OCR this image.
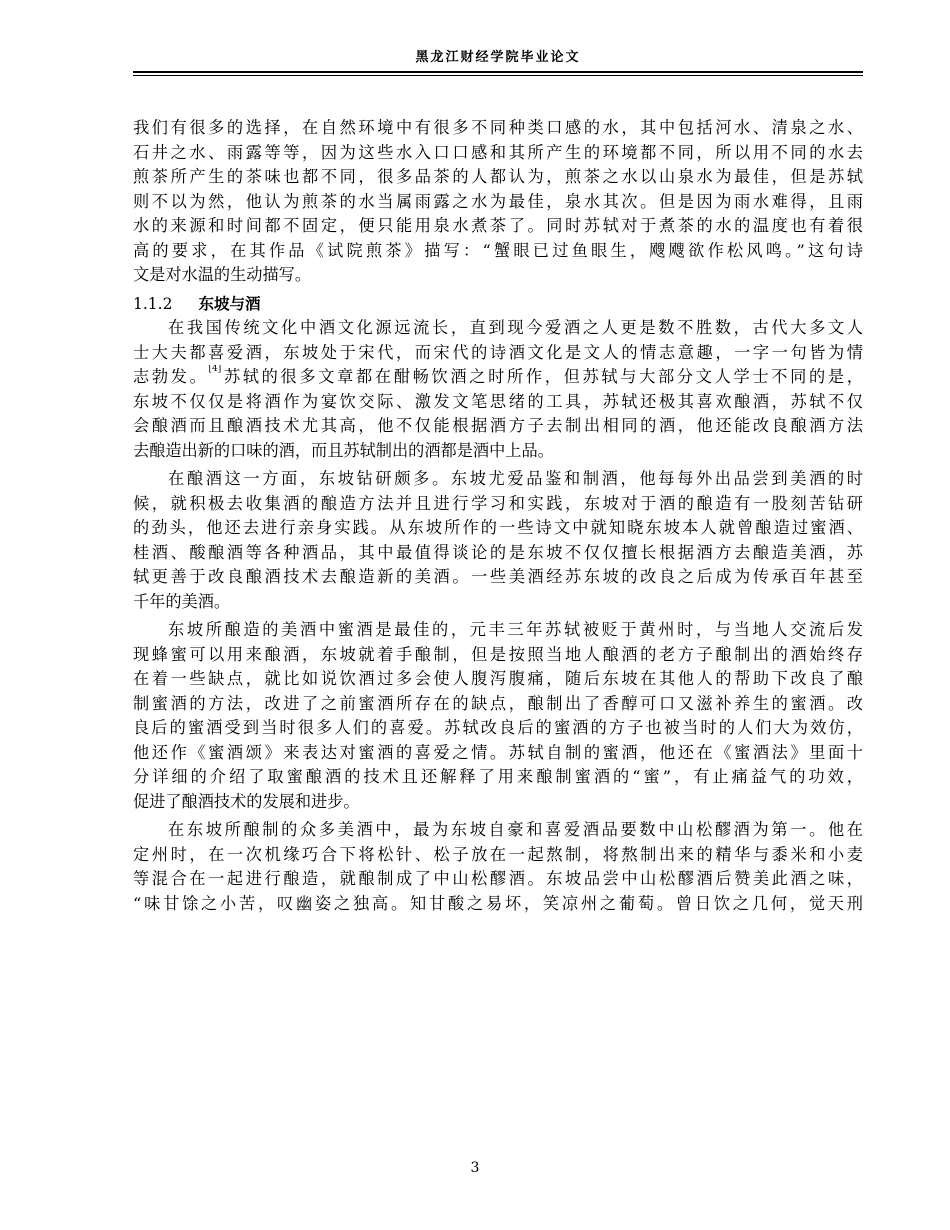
黑龙江财经学院毕业论文
我们有很多的选择，在自然环境中有很多不同种类口感的水，其中包括河水、清泉之水、
石井之水、雨露等等，因为这些水入口口感和其所产生的环境都不同，所以用不同的水去
煎茶所产生的茶味也都不同，很多品茶的人都认为，煎茶之水以山泉水为最佳，但是苏轼
则不以为然，他认为煎茶的水当属雨露之水为最佳，泉水其次。但是因为雨水难得，且雨
水的来源和时间都不固定，便只能用泉水煮茶了。同时苏轼对于煮茶的水的温度也有着很
高的要求，在其作品《试院煎茶》描写：“蟹眼已过鱼眼生，飕飕欲作松风鸣。”这句诗
文是对水温的生动描写。
1.1.2 东坡与酒
在我国传统文化中酒文化源远流长，直到现今爱酒之人更是数不胜数，古代大多文人
士大夫都喜爱酒，东坡处于宋代，而宋代的诗酒文化是文人的情志意趣，一字一句皆为情
志勃发。[4]苏轼的很多文章都在酣畅饮酒之时所作，但苏轼与大部分文人学士不同的是，
东坡不仅仅是将酒作为宴饮交际、激发文笔思绪的工具，苏轼还极其喜欢酿酒，苏轼不仅
会酿酒而且酿酒技术尤其高，他不仅能根据酒方子去制出相同的酒，他还能改良酿酒方法
去酿造出新的口味的酒，而且苏轼制出的酒都是酒中上品。
在酿酒这一方面，东坡钻研颇多。东坡尤爱品鉴和制酒，他每每外出品尝到美酒的时
候，就积极去收集酒的酿造方法并且进行学习和实践，东坡对于酒的酿造有一股刻苦钻研
的劲头，他还去进行亲身实践。从东坡所作的一些诗文中就知晓东坡本人就曾酿造过蜜酒、
桂酒、酸酿酒等各种酒品，其中最值得谈论的是东坡不仅仅擅长根据酒方去酿造美酒，苏
轼更善于改良酿酒技术去酿造新的美酒。一些美酒经苏东坡的改良之后成为传承百年甚至
千年的美酒。
东坡所酿造的美酒中蜜酒是最佳的，元丰三年苏轼被贬于黄州时，与当地人交流后发
现蜂蜜可以用来酿酒，东坡就着手酿制，但是按照当地人酿酒的老方子酿制出的酒始终存
在着一些缺点，就比如说饮酒过多会使人腹泻腹痛，随后东坡在其他人的帮助下改良了酿
制蜜酒的方法，改进了之前蜜酒所存在的缺点，酿制出了香醇可口又滋补养生的蜜酒。改
良后的蜜酒受到当时很多人们的喜爱。苏轼改良后的蜜酒的方子也被当时的人们大为效仿，
他还作《蜜酒颂》来表达对蜜酒的喜爱之情。苏轼自制的蜜酒，他还在《蜜酒法》里面十
分详细的介绍了取蜜酿酒的技术且还解释了用来酿制蜜酒的“蜜”，有止痛益气的功效，
促进了酿酒技术的发展和进步。
在东坡所酿制的众多美酒中，最为东坡自豪和喜爱酒品要数中山松醪酒为第一。他在
定州时，在一次机缘巧合下将松针、松子放在一起熬制，将熬制出来的精华与黍米和小麦
等混合在一起进行酿造，就酿制成了中山松醪酒。东坡品尝中山松醪酒后赞美此酒之味，
“味甘馀之小苦，叹幽姿之独高。知甘酸之易坏，笑凉州之葡萄。曾日饮之几何，觉天刑
3
